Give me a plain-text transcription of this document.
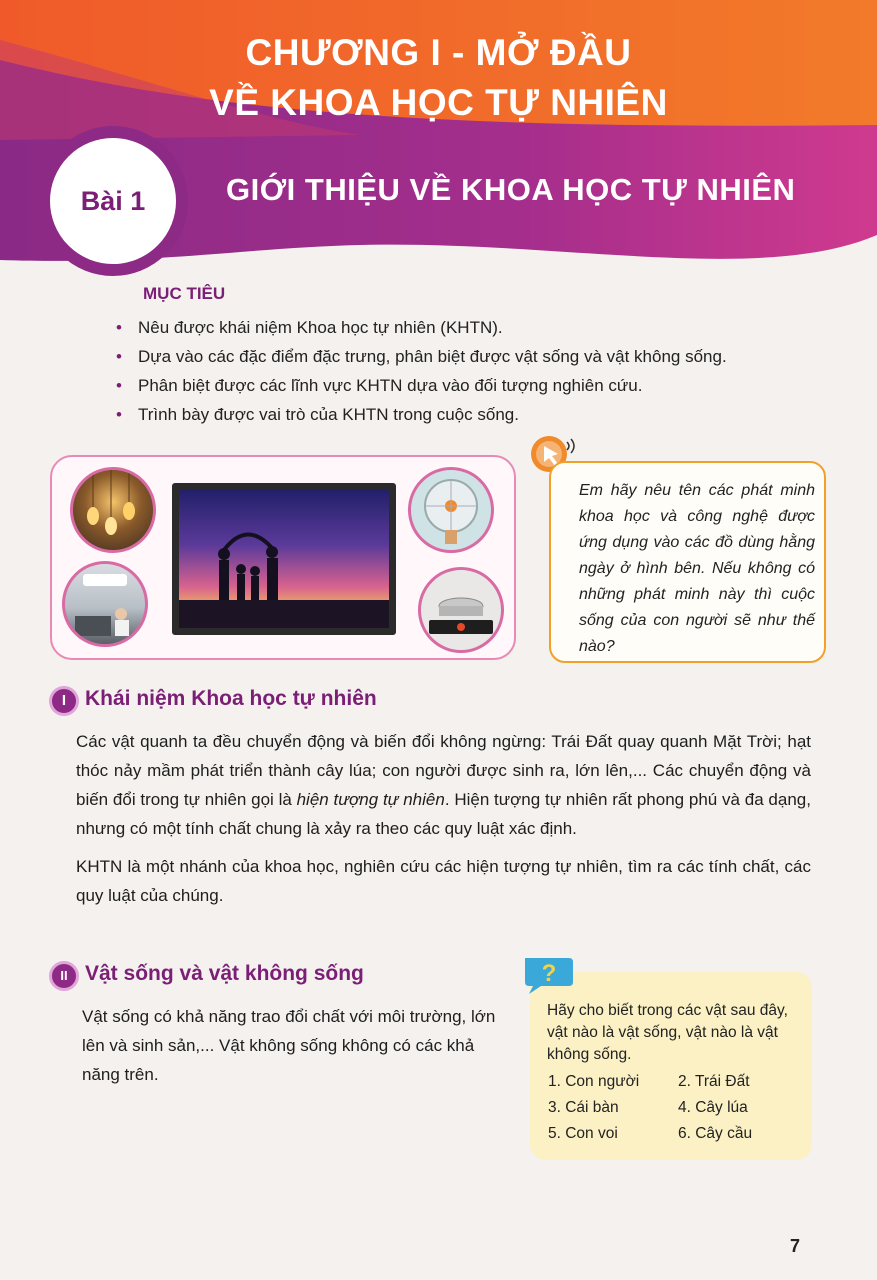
CHƯƠNG I - MỞ ĐẦU
VỀ KHOA HỌC TỰ NHIÊN
Bài 1	GIỚI THIỆU VỀ KHOA HỌC TỰ NHIÊN
MỤC TIÊU
• Nêu được khái niệm Khoa học tự nhiên (KHTN).
• Dựa vào các đặc điểm đặc trưng, phân biệt được vật sống và vật không sống.
• Phân biệt được các lĩnh vực KHTN dựa vào đối tượng nghiên cứu.
• Trình bày được vai trò của KHTN trong cuộc sống.
Em hãy nêu tên các phát minh khoa học và công nghệ được ứng dụng vào các đồ dùng hằng ngày ở hình bên. Nếu không có những phát minh này thì cuộc sống của con người sẽ như thế nào?
I Khái niệm Khoa học tự nhiên

Các vật quanh ta đều chuyển động và biến đổi không ngừng: Trái Đất quay quanh Mặt Trời; hạt thóc nảy mầm phát triển thành cây lúa; con người được sinh ra, lớn lên,... Các chuyển động và biến đổi trong tự nhiên gọi là hiện tượng tự nhiên. Hiện tượng tự nhiên rất phong phú và đa dạng, nhưng có một tính chất chung là xảy ra theo các quy luật xác định.

KHTN là một nhánh của khoa học, nghiên cứu các hiện tượng tự nhiên, tìm ra các tính chất, các quy luật của chúng.

II Vật sống và vật không sống

Vật sống có khả năng trao đổi chất với môi trường, lớn lên và sinh sản,... Vật không sống không có các khả năng trên.

?
Hãy cho biết trong các vật sau đây, vật nào là vật sống, vật nào là vật không sống.
1. Con người	2. Trái Đất
3. Cái bàn	4. Cây lúa
5. Con voi	6. Cây cầu
7
